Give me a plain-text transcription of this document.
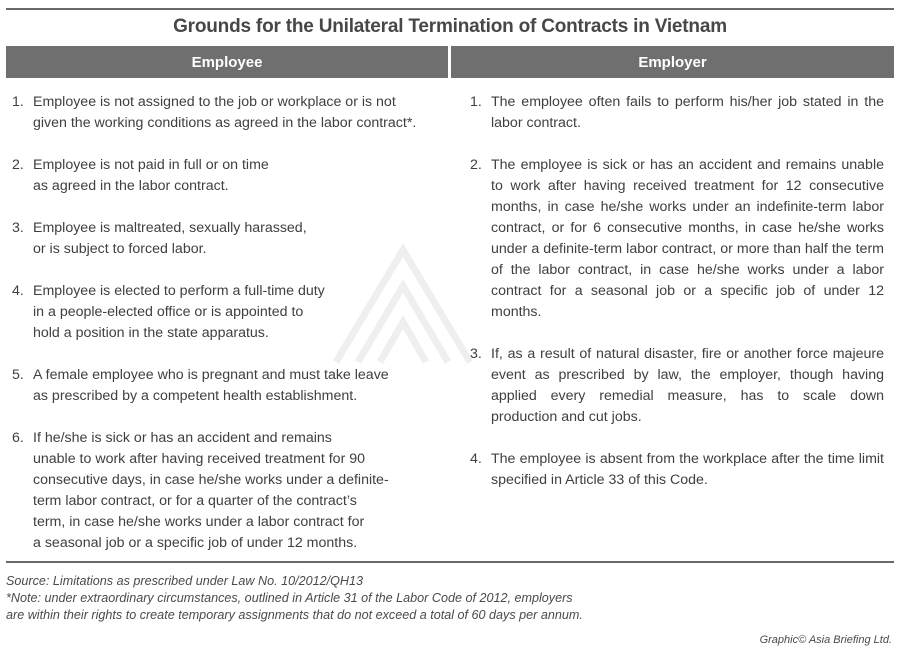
Grounds for the Unilateral Termination of Contracts in Vietnam
Employee	Employer
1. Employee is not assigned to the job or workplace or is not
given the working conditions as agreed in the labor contract*.
2. Employee is not paid in full or on time
as agreed in the labor contract.
3. Employee is maltreated, sexually harassed,
or is subject to forced labor.
4. Employee is elected to perform a full-time duty
in a people-elected office or is appointed to
hold a position in the state apparatus.
5. A female employee who is pregnant and must take leave
as prescribed by a competent health establishment.
6. If he/she is sick or has an accident and remains
unable to work after having received treatment for 90
consecutive days, in case he/she works under a definite-
term labor contract, or for a quarter of the contract’s
term, in case he/she works under a labor contract for
a seasonal job or a specific job of under 12 months.
1. The employee often fails to perform his/her job stated in the labor contract.
2. The employee is sick or has an accident and remains unable to work after having received treatment for 12 consecutive months, in case he/she works under an indefinite-term labor contract, or for 6 consecutive months, in case he/she works under a definite-term labor contract, or more than half the term of the labor contract, in case he/she works under a labor contract for a seasonal job or a specific job of under 12 months.
3. If, as a result of natural disaster, fire or another force majeure event as prescribed by law, the employer, though having applied every remedial measure, has to scale down production and cut jobs.
4. The employee is absent from the workplace after the time limit specified in Article 33 of this Code.
Source: Limitations as prescribed under Law No. 10/2012/QH13
*Note: under extraordinary circumstances, outlined in Article 31 of the Labor Code of 2012, employers
are within their rights to create temporary assignments that do not exceed a total of 60 days per annum.
Graphic© Asia Briefing Ltd.
